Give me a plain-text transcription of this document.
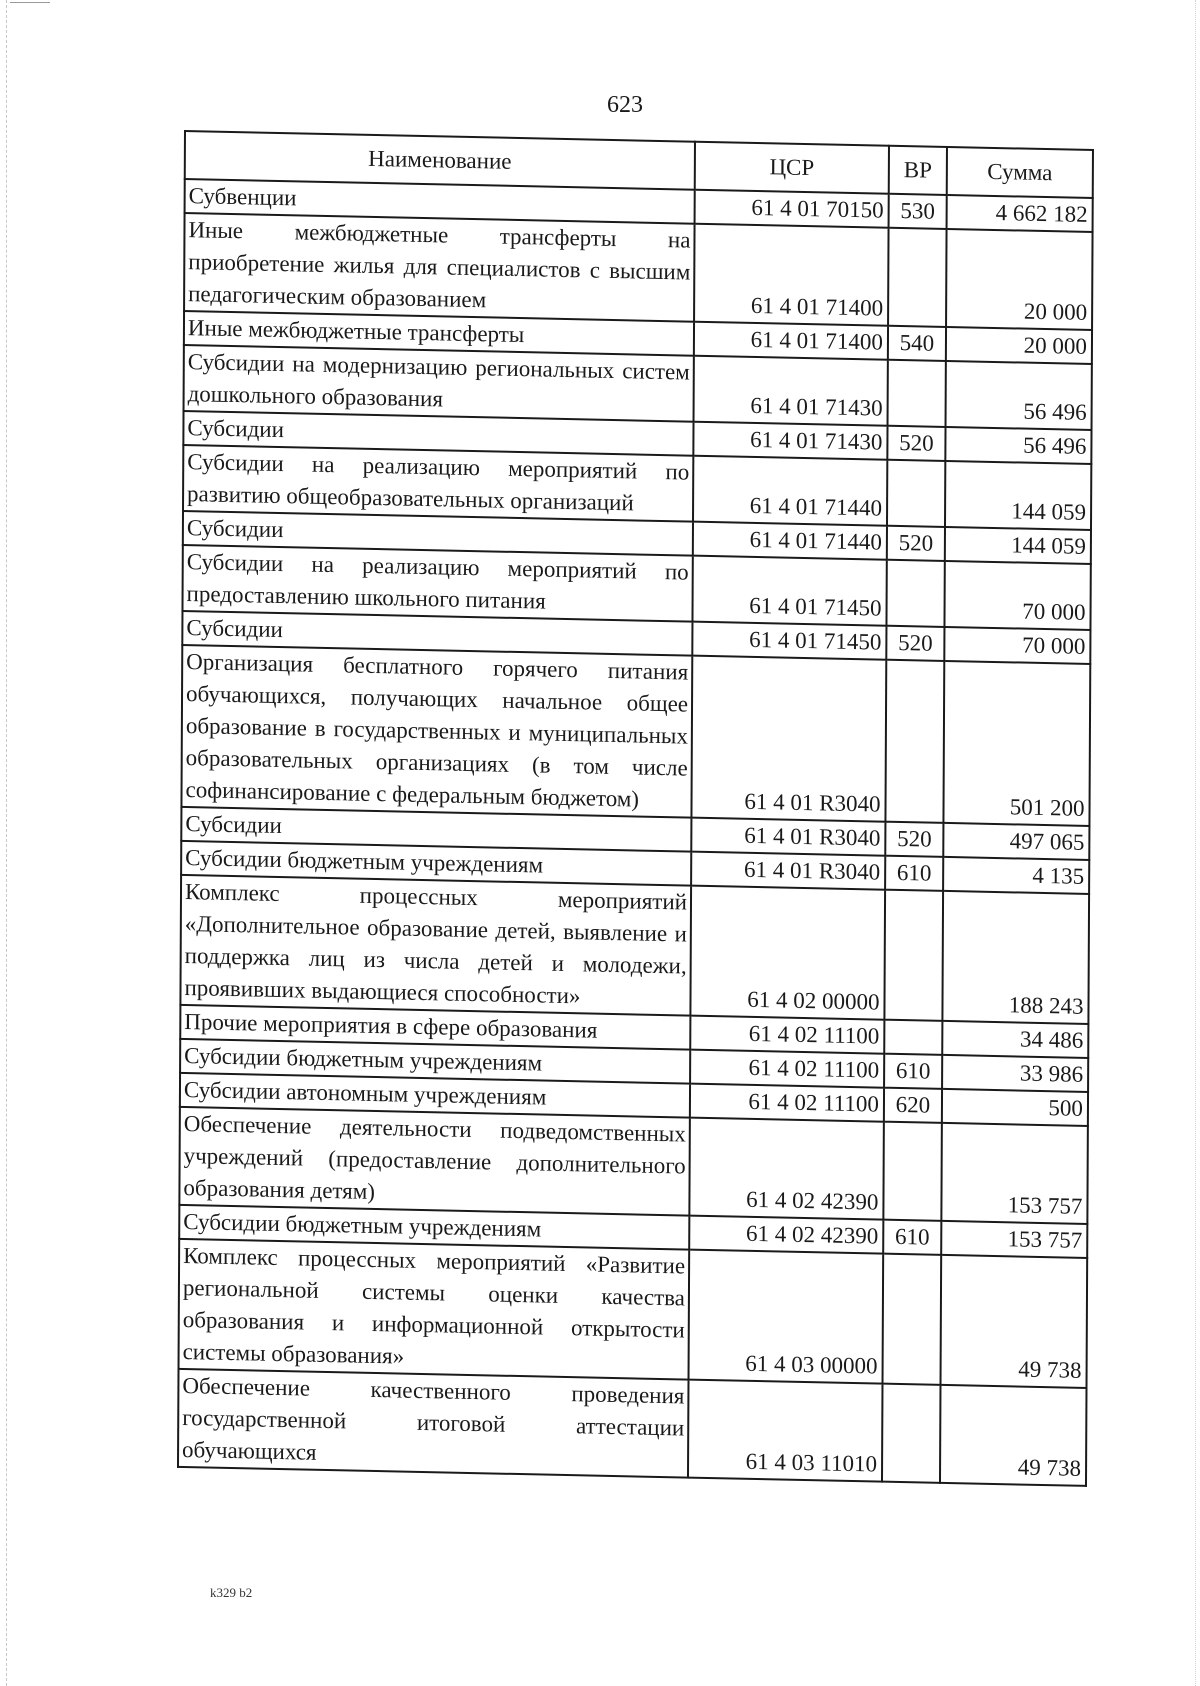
623
Наименование	ЦСР	ВР	Сумма
Субвенции	61 4 01 70150	530	4 662 182
Иные межбюджетные трансферты на приобретение жилья для специалистов с высшим педагогическим образованием	61 4 01 71400		20 000
Иные межбюджетные трансферты	61 4 01 71400	540	20 000
Субсидии на модернизацию региональных систем дошкольного образования	61 4 01 71430		56 496
Субсидии	61 4 01 71430	520	56 496
Субсидии на реализацию мероприятий по развитию общеобразовательных организаций	61 4 01 71440		144 059
Субсидии	61 4 01 71440	520	144 059
Субсидии на реализацию мероприятий по предоставлению школьного питания	61 4 01 71450		70 000
Субсидии	61 4 01 71450	520	70 000
Организация бесплатного горячего питания обучающихся, получающих начальное общее образование в государственных и муниципальных образовательных организациях (в том числе софинансирование с федеральным бюджетом)	61 4 01 R3040		501 200
Субсидии	61 4 01 R3040	520	497 065
Субсидии бюджетным учреждениям	61 4 01 R3040	610	4 135
Комплекс процессных мероприятий «Дополнительное образование детей, выявление и поддержка лиц из числа детей и молодежи, проявивших выдающиеся способности»	61 4 02 00000		188 243
Прочие мероприятия в сфере образования	61 4 02 11100		34 486
Субсидии бюджетным учреждениям	61 4 02 11100	610	33 986
Субсидии автономным учреждениям	61 4 02 11100	620	500
Обеспечение деятельности подведомственных учреждений (предоставление дополнительного образования детям)	61 4 02 42390		153 757
Субсидии бюджетным учреждениям	61 4 02 42390	610	153 757
Комплекс процессных мероприятий «Развитие региональной системы оценки качества образования и информационной открытости системы образования»	61 4 03 00000		49 738
Обеспечение качественного проведения государственной итоговой аттестации обучающихся	61 4 03 11010		49 738
k329 b2
